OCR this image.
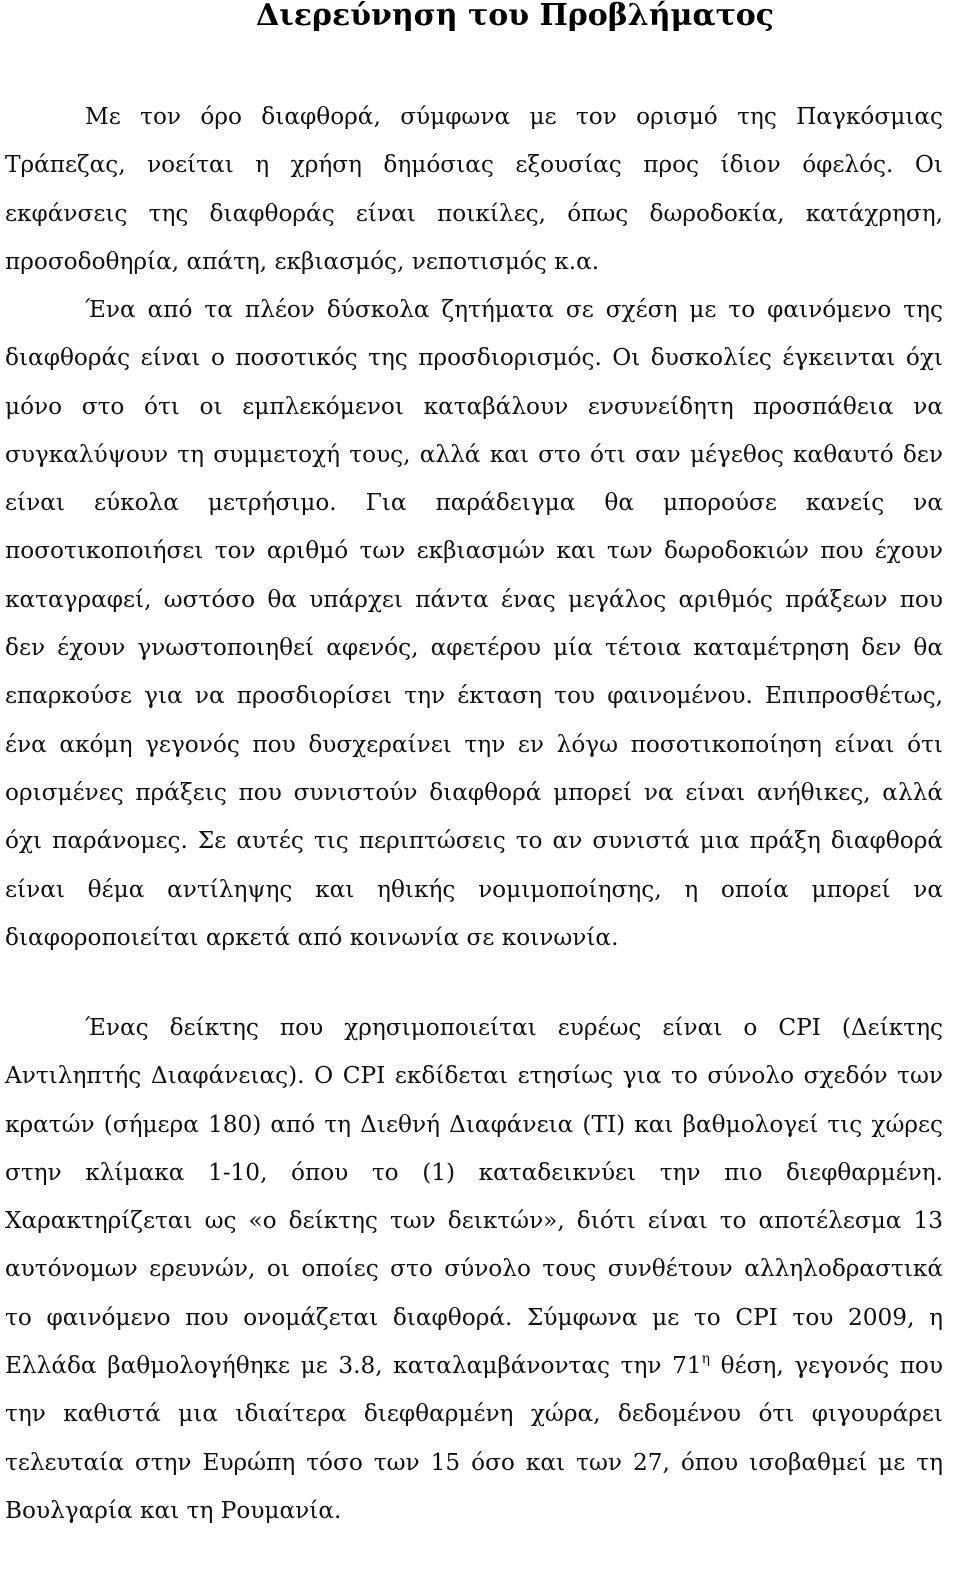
Διερεύνηση του Προβλήματος

Με τον όρο διαφθορά, σύμφωνα με τον ορισμό της Παγκόσμιας Τράπεζας, νοείται η χρήση δημόσιας εξουσίας προς ίδιον όφελός. Οι εκφάνσεις της διαφθοράς είναι ποικίλες, όπως δωροδοκία, κατάχρηση, προσοδοθηρία, απάτη, εκβιασμός, νεποτισμός κ.α.

Ένα από τα πλέον δύσκολα ζητήματα σε σχέση με το φαινόμενο της διαφθοράς είναι ο ποσοτικός της προσδιορισμός. Οι δυσκολίες έγκεινται όχι μόνο στο ότι οι εμπλεκόμενοι καταβάλουν ενσυνείδητη προσπάθεια να συγκαλύψουν τη συμμετοχή τους, αλλά και στο ότι σαν μέγεθος καθαυτό δεν είναι εύκολα μετρήσιμο. Για παράδειγμα θα μπορούσε κανείς να ποσοτικοποιήσει τον αριθμό των εκβιασμών και των δωροδοκιών που έχουν καταγραφεί, ωστόσο θα υπάρχει πάντα ένας μεγάλος αριθμός πράξεων που δεν έχουν γνωστοποιηθεί αφενός, αφετέρου μία τέτοια καταμέτρηση δεν θα επαρκούσε για να προσδιορίσει την έκταση του φαινομένου. Επιπροσθέτως, ένα ακόμη γεγονός που δυσχεραίνει την εν λόγω ποσοτικοποίηση είναι ότι ορισμένες πράξεις που συνιστούν διαφθορά μπορεί να είναι ανήθικες, αλλά όχι παράνομες. Σε αυτές τις περιπτώσεις το αν συνιστά μια πράξη διαφθορά είναι θέμα αντίληψης και ηθικής νομιμοποίησης, η οποία μπορεί να διαφοροποιείται αρκετά από κοινωνία σε κοινωνία.

Ένας δείκτης που χρησιμοποιείται ευρέως είναι ο CPI (Δείκτης Αντιληπτής Διαφάνειας). Ο CPI εκδίδεται ετησίως για το σύνολο σχεδόν των κρατών (σήμερα 180) από τη Διεθνή Διαφάνεια (TI) και βαθμολογεί τις χώρες στην κλίμακα 1-10, όπου το (1) καταδεικνύει την πιο διεφθαρμένη. Χαρακτηρίζεται ως «ο δείκτης των δεικτών», διότι είναι το αποτέλεσμα 13 αυτόνομων ερευνών, οι οποίες στο σύνολο τους συνθέτουν αλληλοδραστικά το φαινόμενο που ονομάζεται διαφθορά. Σύμφωνα με το CPI του 2009, η Ελλάδα βαθμολογήθηκε με 3.8, καταλαμβάνοντας την $71^\eta$ θέση, γεγονός που την καθιστά μια ιδιαίτερα διεφθαρμένη χώρα, δεδομένου ότι φιγουράρει τελευταία στην Ευρώπη τόσο των 15 όσο και των 27, όπου ισοβαθμεί με τη Βουλγαρία και τη Ρουμανία.
